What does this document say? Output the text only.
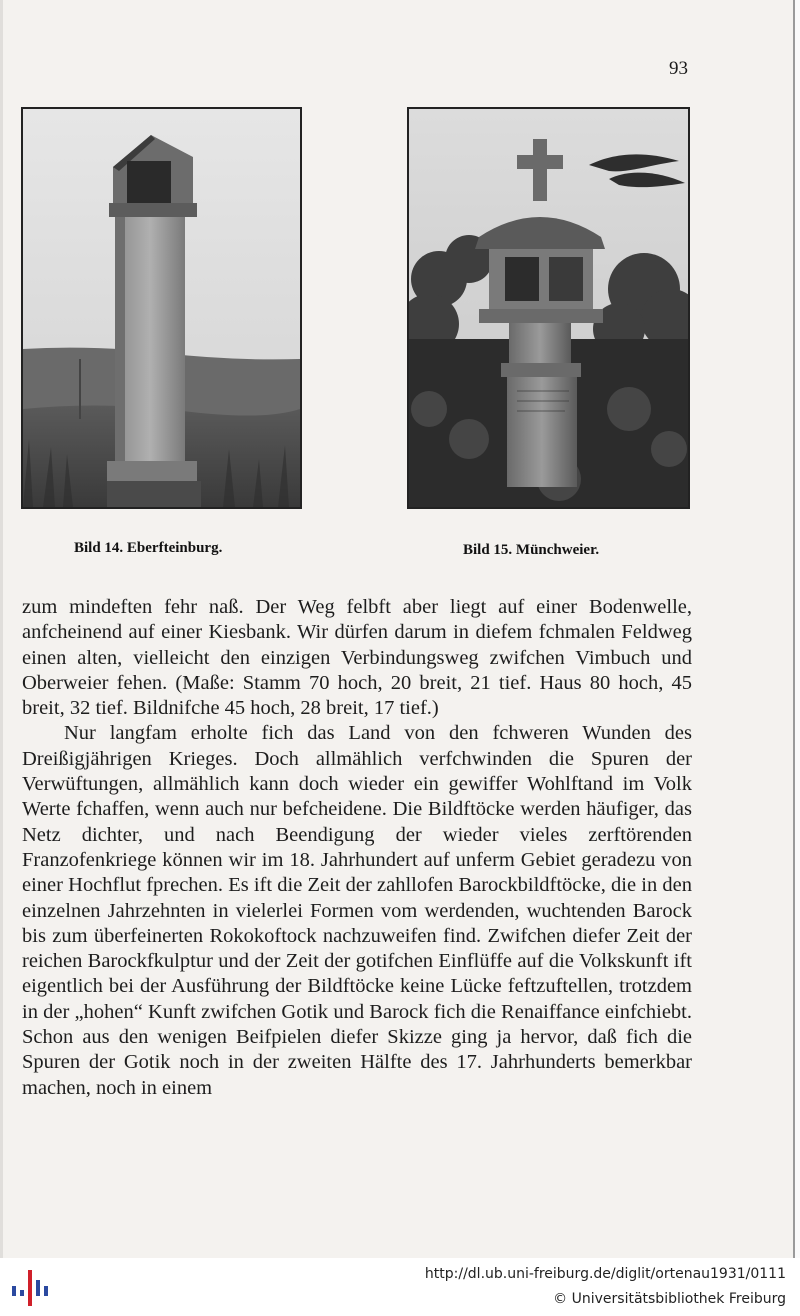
93
Bild 14. Eberfteinburg.	Bild 15. Münchweier.

zum mindeften fehr naß. Der Weg felbft aber liegt auf einer Bodenwelle, anfcheinend auf einer Kiesbank. Wir dürfen darum in diefem fchmalen Feldweg einen alten, vielleicht den einzigen Verbindungsweg zwifchen Vimbuch und Oberweier fehen. (Maße: Stamm 70 hoch, 20 breit, 21 tief. Haus 80 hoch, 45 breit, 32 tief. Bildnifche 45 hoch, 28 breit, 17 tief.)

Nur langfam erholte fich das Land von den fchweren Wunden des Dreißigjährigen Krieges. Doch allmählich verfchwinden die Spuren der Verwüftungen, allmählich kann doch wieder ein gewiffer Wohlftand im Volk Werte fchaffen, wenn auch nur befcheidene. Die Bildftöcke werden häufiger, das Netz dichter, und nach Beendigung der wieder vieles zerftörenden Franzofenkriege können wir im 18. Jahrhundert auf unferm Gebiet geradezu von einer Hochflut fprechen. Es ift die Zeit der zahllofen Barockbildftöcke, die in den einzelnen Jahrzehnten in vielerlei Formen vom werdenden, wuchtenden Barock bis zum überfeinerten Rokokoftock nachzuweifen find. Zwifchen diefer Zeit der reichen Barockfkulptur und der Zeit der gotifchen Einflüffe auf die Volkskunft ift eigentlich bei der Ausführung der Bildftöcke keine Lücke feftzuftellen, trotzdem in der „hohen“ Kunft zwifchen Gotik und Barock fich die Renaiffance einfchiebt. Schon aus den wenigen Beifpielen diefer Skizze ging ja hervor, daß fich die Spuren der Gotik noch in der zweiten Hälfte des 17. Jahrhunderts bemerkbar machen, noch in einem

http://dl.ub.uni-freiburg.de/diglit/ortenau1931/0111
© Universitätsbibliothek Freiburg
